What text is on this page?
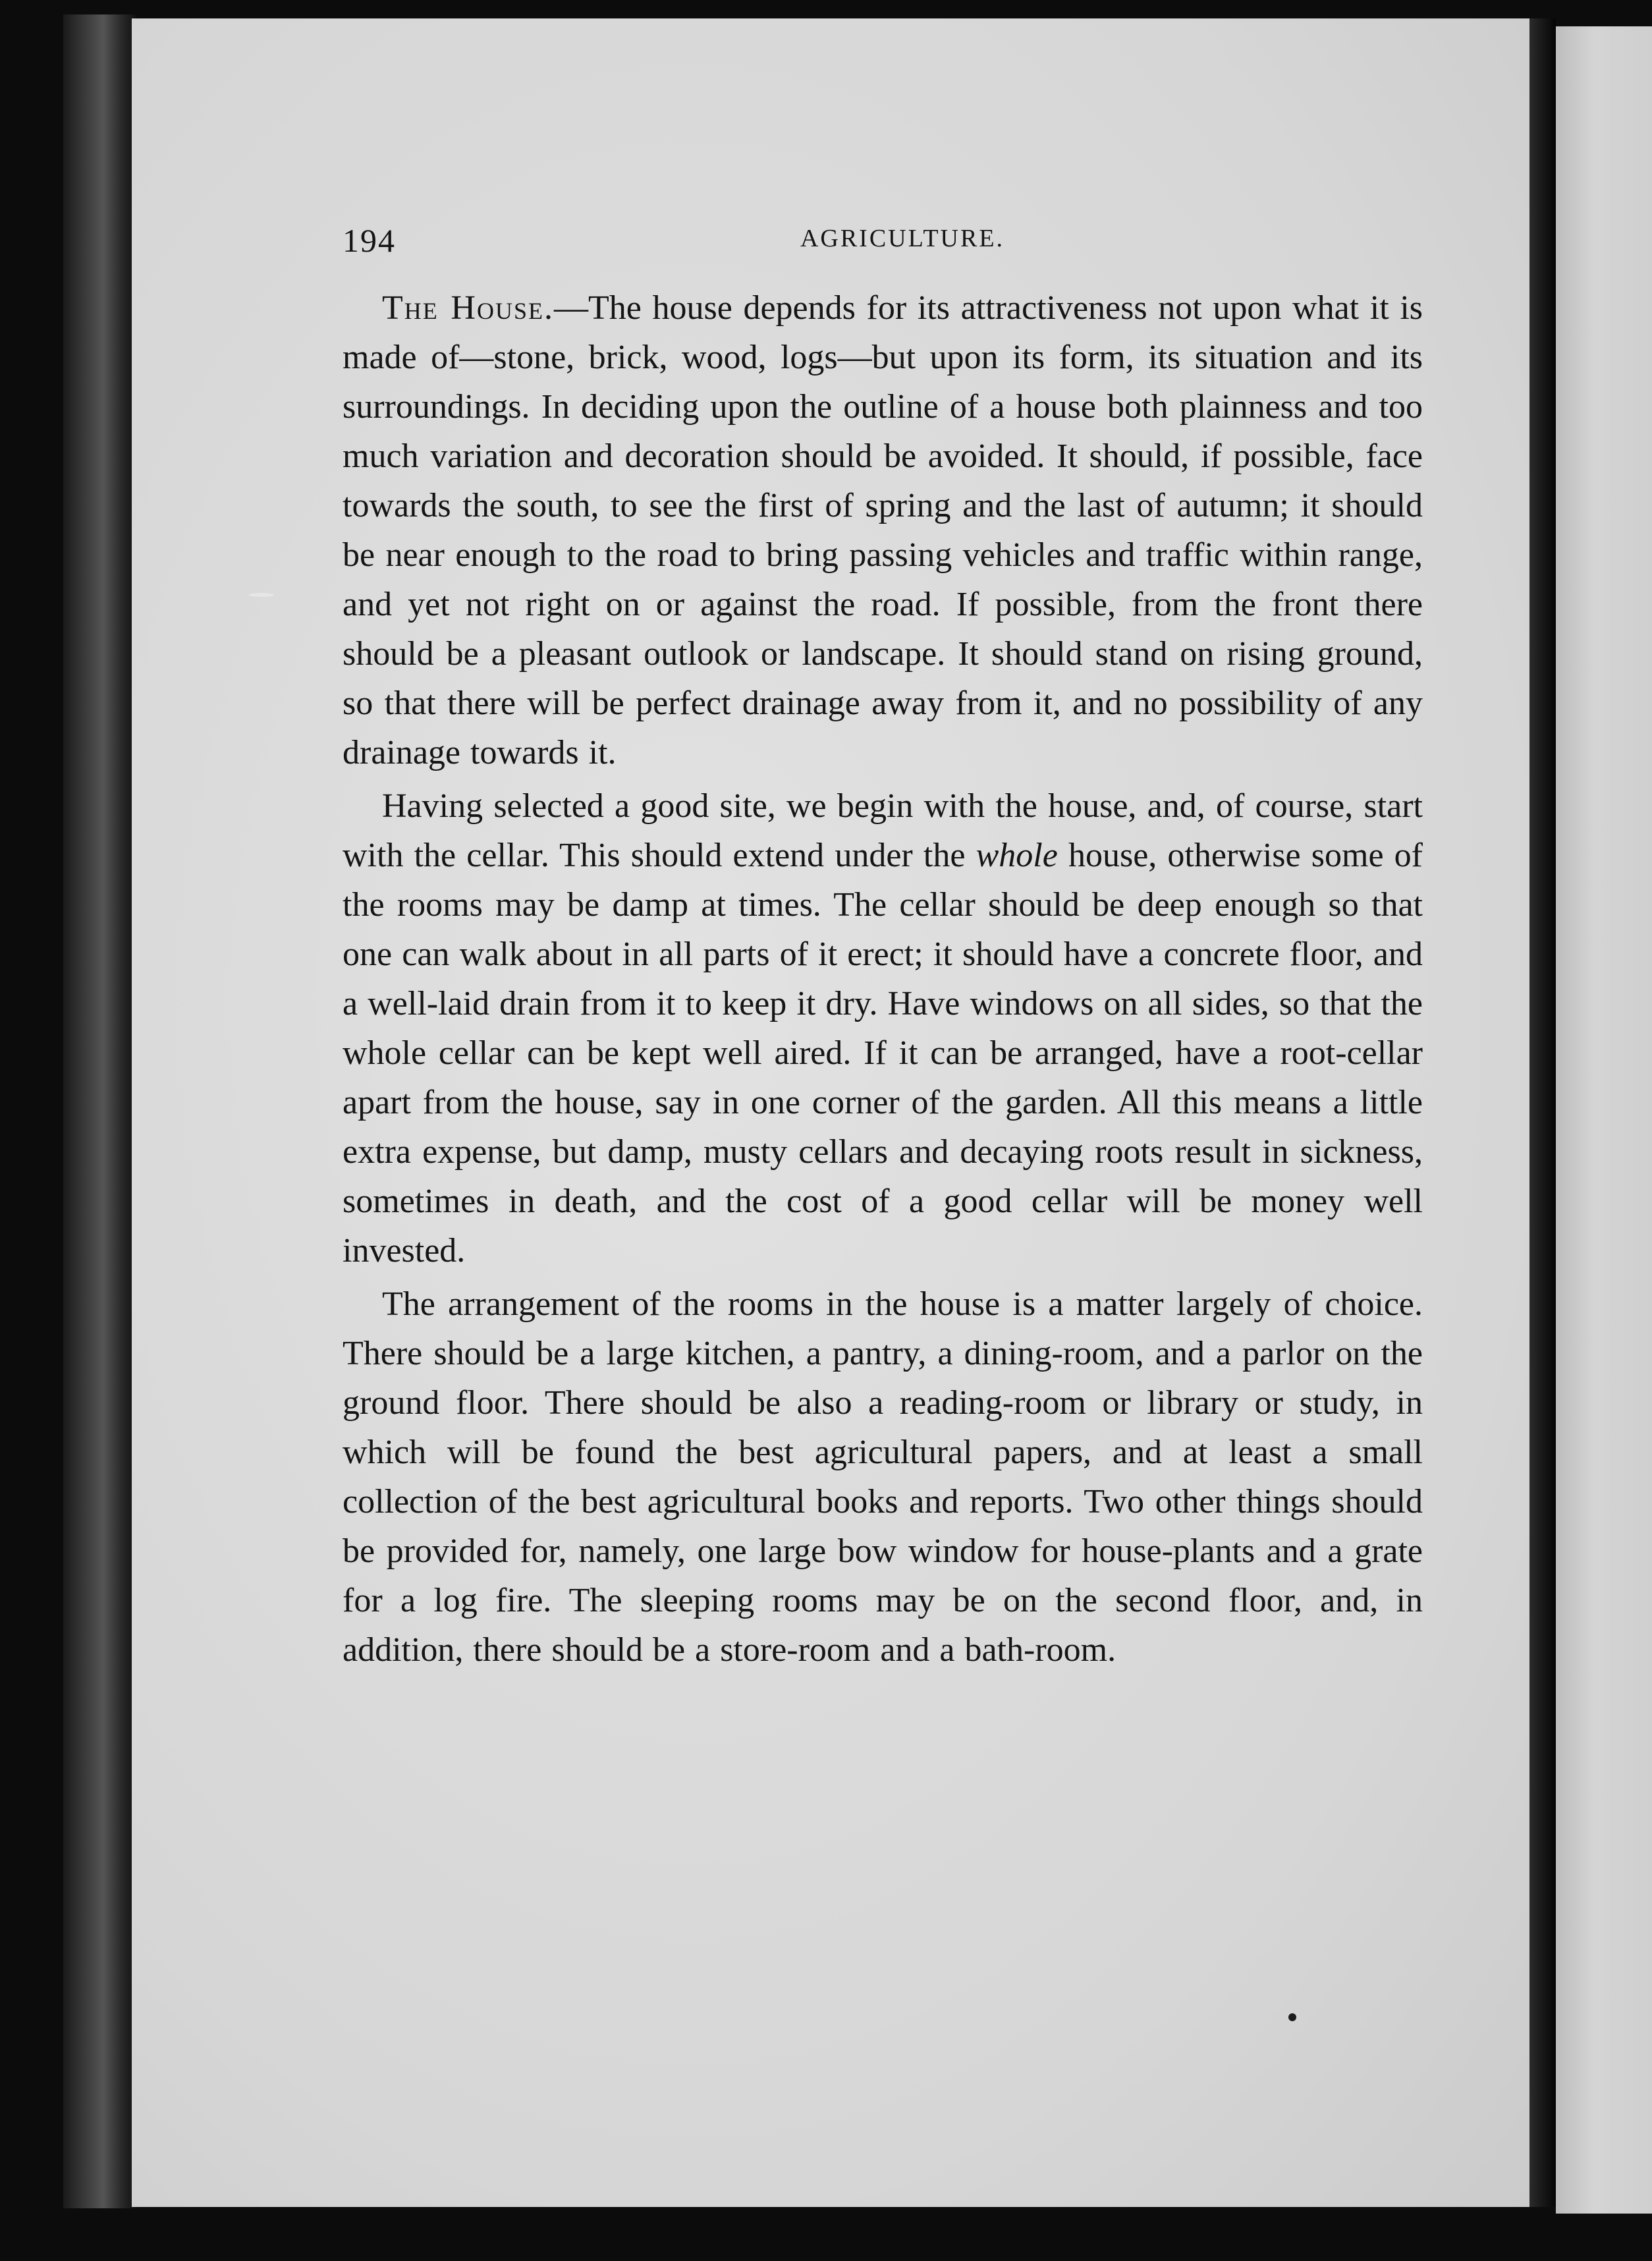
194	AGRICULTURE.

The House.—The house depends for its attractiveness not upon what it is made of—stone, brick, wood, logs—but upon its form, its situation and its surroundings. In deciding upon the outline of a house both plainness and too much variation and decoration should be avoided. It should, if possible, face towards the south, to see the first of spring and the last of autumn; it should be near enough to the road to bring passing vehicles and traffic within range, and yet not right on or against the road. If possible, from the front there should be a pleasant outlook or landscape. It should stand on rising ground, so that there will be perfect drainage away from it, and no possibility of any drainage towards it.

Having selected a good site, we begin with the house, and, of course, start with the cellar. This should extend under the whole house, otherwise some of the rooms may be damp at times. The cellar should be deep enough so that one can walk about in all parts of it erect; it should have a concrete floor, and a well-laid drain from it to keep it dry. Have windows on all sides, so that the whole cellar can be kept well aired. If it can be arranged, have a root-cellar apart from the house, say in one corner of the garden. All this means a little extra expense, but damp, musty cellars and decaying roots result in sickness, sometimes in death, and the cost of a good cellar will be money well invested.

The arrangement of the rooms in the house is a matter largely of choice. There should be a large kitchen, a pantry, a dining-room, and a parlor on the ground floor. There should be also a reading-room or library or study, in which will be found the best agricultural papers, and at least a small collection of the best agricultural books and reports. Two other things should be provided for, namely, one large bow window for house-plants and a grate for a log fire. The sleeping rooms may be on the second floor, and, in addition, there should be a store-room and a bath-room.
